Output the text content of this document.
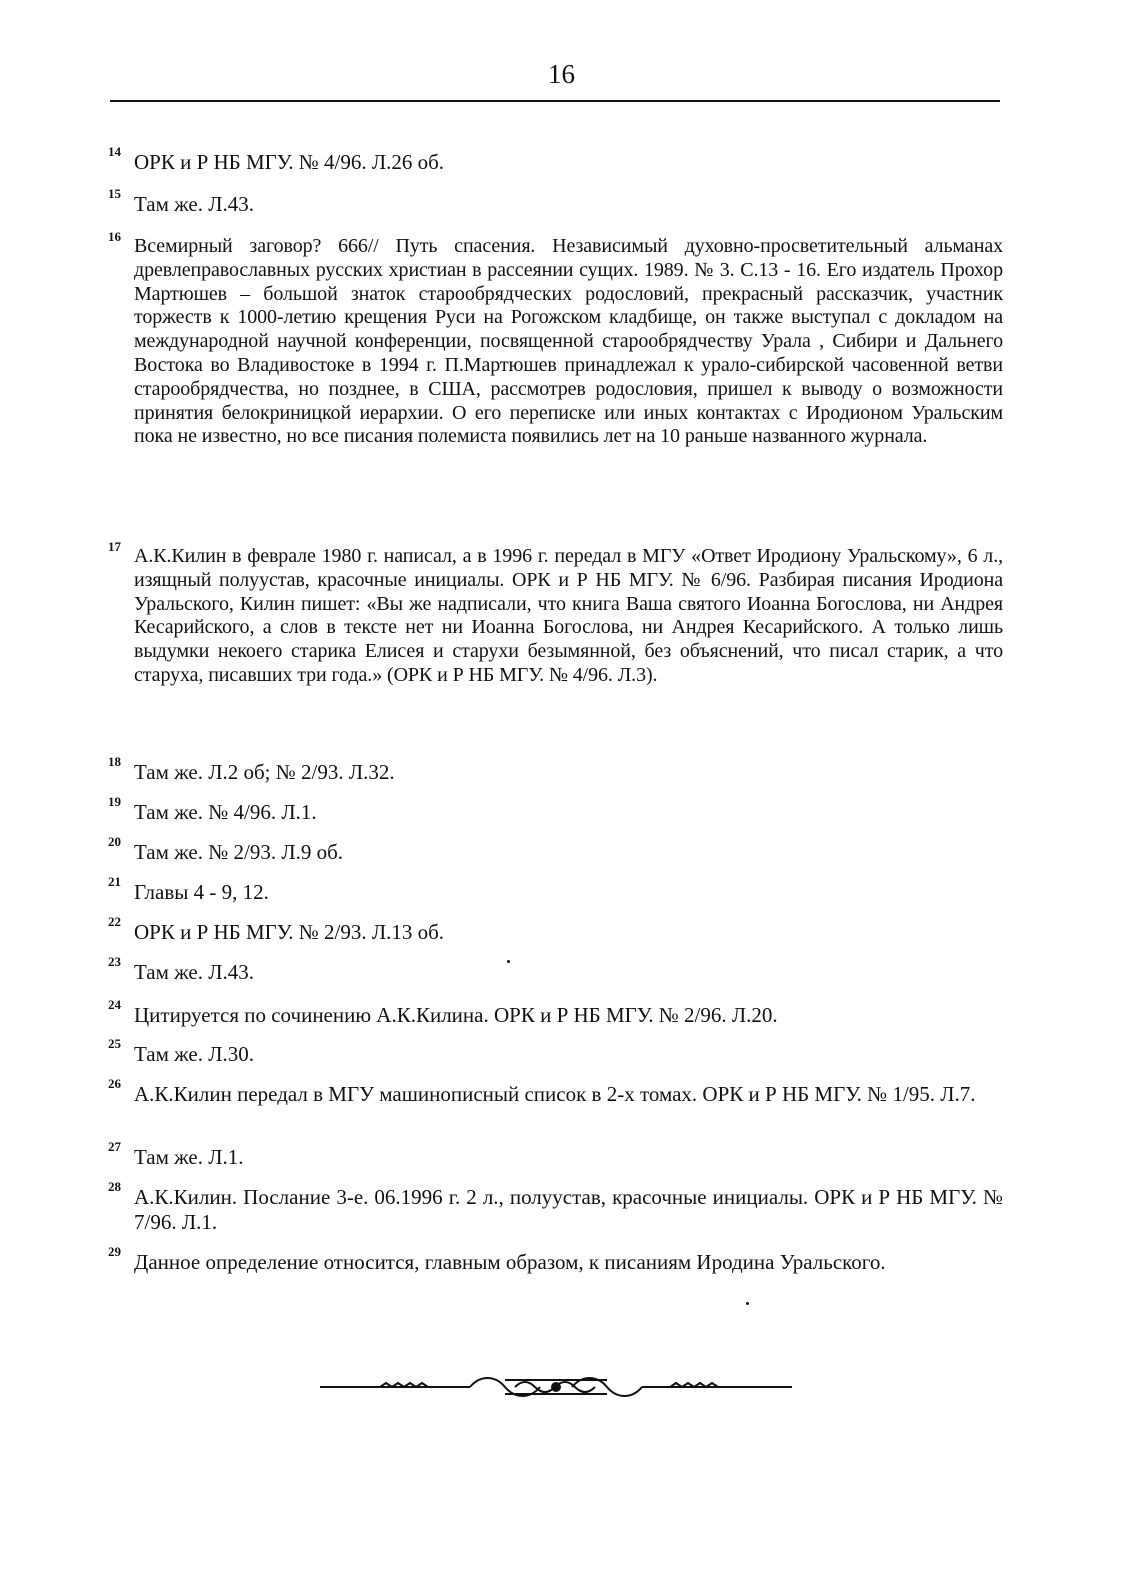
16
14 ОРК и Р НБ МГУ. № 4/96. Л.26 об.

15 Там же. Л.43.

16 Всемирный заговор? 666// Путь спасения. Независимый духовно-просветительный альманах древлеправославных русских христиан в рассеянии сущих. 1989. № 3. С.13 - 16. Его издатель Прохор Мартюшев – большой знаток старообрядческих родословий, прекрасный рассказчик, участник торжеств к 1000-летию крещения Руси на Рогожском кладбище, он также выступал с докладом на международной научной конференции, посвященной старообрядчеству Урала , Сибири и Дальнего Востока во Владивостоке в 1994 г. П.Мартюшев принадлежал к урало-сибирской часовенной ветви старообрядчества, но позднее, в США, рассмотрев родословия, пришел к выводу о возможности принятия белокриницкой иерархии. О его переписке или иных контактах с Иродионом Уральским пока не известно, но все писания полемиста появились лет на 10 раньше названного журнала.

17 А.К.Килин в феврале 1980 г. написал, а в 1996 г. передал в МГУ «Ответ Иродиону Уральскому», 6 л., изящный полуустав, красочные инициалы. ОРК и Р НБ МГУ. № 6/96. Разбирая писания Иродиона Уральского, Килин пишет: «Вы же надписали, что книга Ваша святого Иоанна Богослова, ни Андрея Кесарийского, а слов в тексте нет ни Иоанна Богослова, ни Андрея Кесарийского. А только лишь выдумки некоего старика Елисея и старухи безымянной, без объяснений, что писал старик, а что старуха, писавших три года.» (ОРК и Р НБ МГУ. № 4/96. Л.3).

18 Там же. Л.2 об; № 2/93. Л.32.

19 Там же. № 4/96. Л.1.

20 Там же. № 2/93. Л.9 об.

21 Главы 4 - 9, 12.

22 ОРК и Р НБ МГУ. № 2/93. Л.13 об.

23 Там же. Л.43.

24 Цитируется по сочинению А.К.Килина. ОРК и Р НБ МГУ. № 2/96. Л.20.

25 Там же. Л.30.

26 А.К.Килин передал в МГУ машинописный список в 2-х томах. ОРК и Р НБ МГУ. № 1/95. Л.7.

27 Там же. Л.1.

28 А.К.Килин. Послание 3-е. 06.1996 г. 2 л., полуустав, красочные инициалы. ОРК и Р НБ МГУ. № 7/96. Л.1.

29 Данное определение относится, главным образом, к писаниям Иродина Уральского.
